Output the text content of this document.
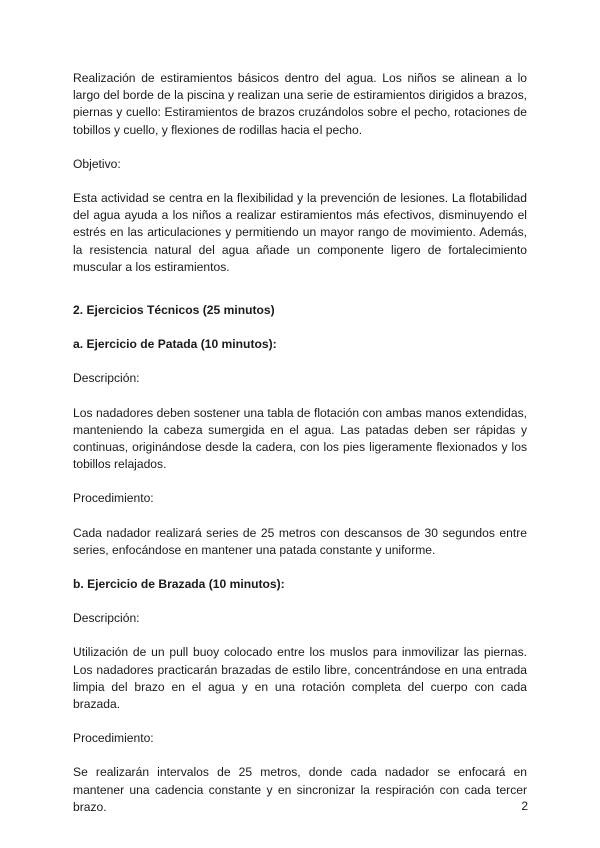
Realización de estiramientos básicos dentro del agua. Los niños se alinean a lo largo del borde de la piscina y realizan una serie de estiramientos dirigidos a brazos, piernas y cuello: Estiramientos de brazos cruzándolos sobre el pecho, rotaciones de tobillos y cuello, y flexiones de rodillas hacia el pecho.

Objetivo:

Esta actividad se centra en la flexibilidad y la prevención de lesiones. La flotabilidad del agua ayuda a los niños a realizar estiramientos más efectivos, disminuyendo el estrés en las articulaciones y permitiendo un mayor rango de movimiento. Además, la resistencia natural del agua añade un componente ligero de fortalecimiento muscular a los estiramientos.

2. Ejercicios Técnicos (25 minutos)

a. Ejercicio de Patada (10 minutos):

Descripción:

Los nadadores deben sostener una tabla de flotación con ambas manos extendidas, manteniendo la cabeza sumergida en el agua. Las patadas deben ser rápidas y continuas, originándose desde la cadera, con los pies ligeramente flexionados y los tobillos relajados.

Procedimiento:

Cada nadador realizará series de 25 metros con descansos de 30 segundos entre series, enfocándose en mantener una patada constante y uniforme.

b. Ejercicio de Brazada (10 minutos):

Descripción:

Utilización de un pull buoy colocado entre los muslos para inmovilizar las piernas. Los nadadores practicarán brazadas de estilo libre, concentrándose en una entrada limpia del brazo en el agua y en una rotación completa del cuerpo con cada brazada.

Procedimiento:

Se realizarán intervalos de 25 metros, donde cada nadador se enfocará en mantener una cadencia constante y en sincronizar la respiración con cada tercer brazo.	2
